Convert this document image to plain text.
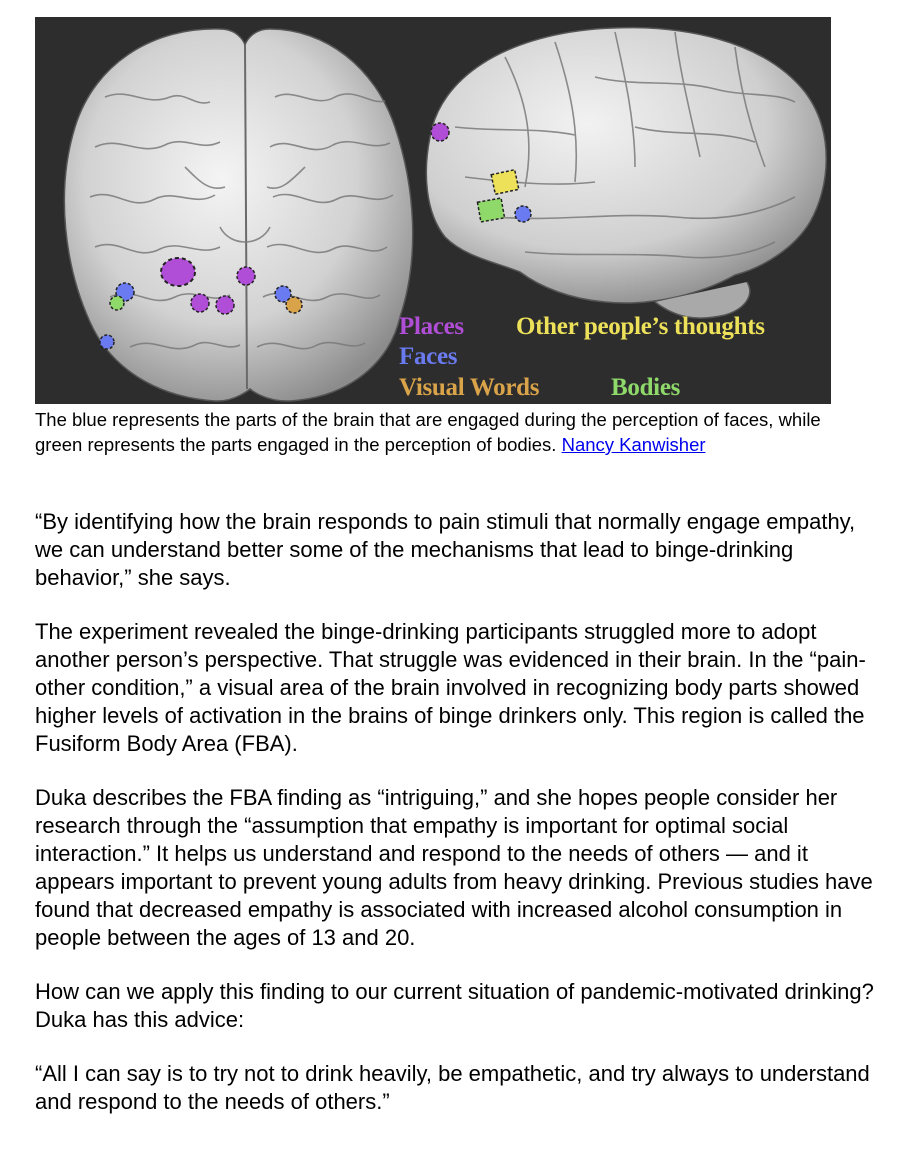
Places Other people’s thoughts
Faces
Visual Words	Bodies

The blue represents the parts of the brain that are engaged during the perception of faces, while green represents the parts engaged in the perception of bodies. Nancy Kanwisher

“By identifying how the brain responds to pain stimuli that normally engage empathy, we can understand better some of the mechanisms that lead to binge-drinking behavior,” she says.

The experiment revealed the binge-drinking participants struggled more to adopt another person’s perspective. That struggle was evidenced in their brain. In the “pain-other condition,” a visual area of the brain involved in recognizing body parts showed higher levels of activation in the brains of binge drinkers only. This region is called the Fusiform Body Area (FBA).

Duka describes the FBA finding as “intriguing,” and she hopes people consider her research through the “assumption that empathy is important for optimal social interaction.” It helps us understand and respond to the needs of others — and it appears important to prevent young adults from heavy drinking. Previous studies have found that decreased empathy is associated with increased alcohol consumption in people between the ages of 13 and 20.

How can we apply this finding to our current situation of pandemic-motivated drinking? Duka has this advice:

“All I can say is to try not to drink heavily, be empathetic, and try always to understand and respond to the needs of others.”
